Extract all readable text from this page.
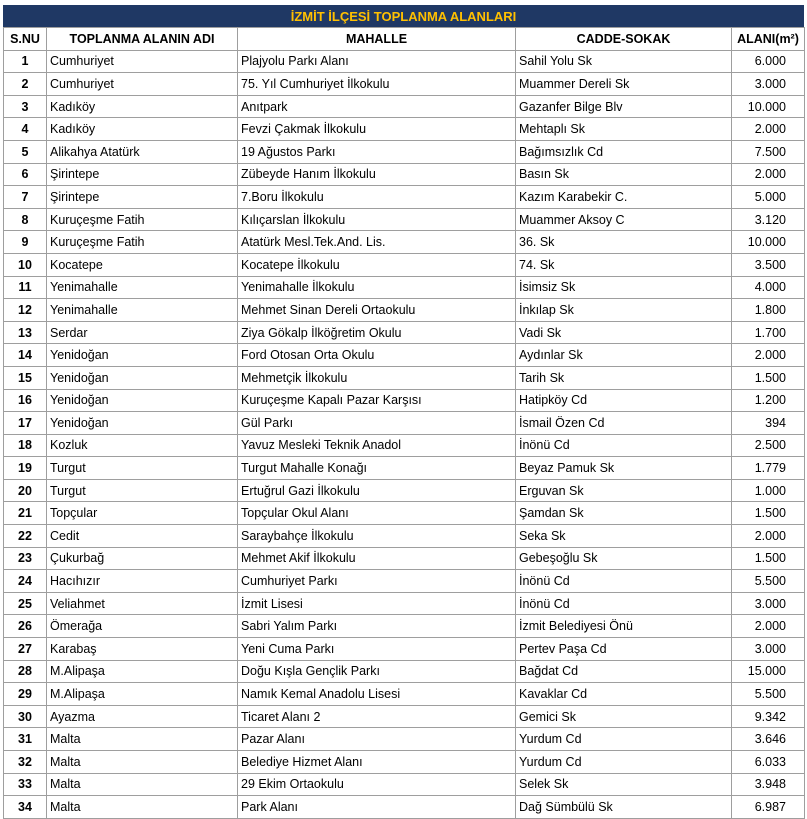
İZMİT İLÇESİ TOPLANMA ALANLARI
S.NU	TOPLANMA ALANIN ADI	MAHALLE	CADDE-SOKAK	ALANI(m²)
1	Cumhuriyet	Plajyolu Parkı Alanı	Sahil Yolu Sk	6.000
2	Cumhuriyet	75. Yıl Cumhuriyet İlkokulu	Muammer Dereli Sk	3.000
3	Kadıköy	Anıtpark	Gazanfer Bilge Blv	10.000
4	Kadıköy	Fevzi Çakmak İlkokulu	Mehtaplı Sk	2.000
5	Alikahya Atatürk	19 Ağustos Parkı	Bağımsızlık Cd	7.500
6	Şirintepe	Zübeyde Hanım İlkokulu	Basın Sk	2.000
7	Şirintepe	7.Boru İlkokulu	Kazım Karabekir C.	5.000
8	Kuruçeşme Fatih	Kılıçarslan İlkokulu	Muammer Aksoy C	3.120
9	Kuruçeşme Fatih	Atatürk Mesl.Tek.And. Lis.	36. Sk	10.000
10	Kocatepe	Kocatepe İlkokulu	74. Sk	3.500
11	Yenimahalle	Yenimahalle İlkokulu	İsimsiz Sk	4.000
12	Yenimahalle	Mehmet Sinan Dereli Ortaokulu	İnkılap Sk	1.800
13	Serdar	Ziya Gökalp İlköğretim Okulu	Vadi Sk	1.700
14	Yenidoğan	Ford Otosan Orta Okulu	Aydınlar Sk	2.000
15	Yenidoğan	Mehmetçik İlkokulu	Tarih Sk	1.500
16	Yenidoğan	Kuruçeşme Kapalı Pazar Karşısı	Hatipköy Cd	1.200
17	Yenidoğan	Gül Parkı	İsmail Özen Cd	394
18	Kozluk	Yavuz Mesleki Teknik Anadol	İnönü Cd	2.500
19	Turgut	Turgut Mahalle Konağı	Beyaz Pamuk Sk	1.779
20	Turgut	Ertuğrul Gazi İlkokulu	Erguvan Sk	1.000
21	Topçular	Topçular Okul Alanı	Şamdan Sk	1.500
22	Cedit	Saraybahçe İlkokulu	Seka Sk	2.000
23	Çukurbağ	Mehmet Akif İlkokulu	Gebeşoğlu Sk	1.500
24	Hacıhızır	Cumhuriyet Parkı	İnönü Cd	5.500
25	Veliahmet	İzmit Lisesi	İnönü Cd	3.000
26	Ömerağa	Sabri Yalım Parkı	İzmit Belediyesi Önü	2.000
27	Karabaş	Yeni Cuma Parkı	Pertev Paşa Cd	3.000
28	M.Alipaşa	Doğu Kışla Gençlik Parkı	Bağdat Cd	15.000
29	M.Alipaşa	Namık Kemal Anadolu Lisesi	Kavaklar Cd	5.500
30	Ayazma	Ticaret Alanı 2	Gemici Sk	9.342
31	Malta	Pazar Alanı	Yurdum Cd	3.646
32	Malta	Belediye Hizmet Alanı	Yurdum Cd	6.033
33	Malta	29 Ekim Ortaokulu	Selek Sk	3.948
34	Malta	Park Alanı	Dağ Sümbülü Sk	6.987
